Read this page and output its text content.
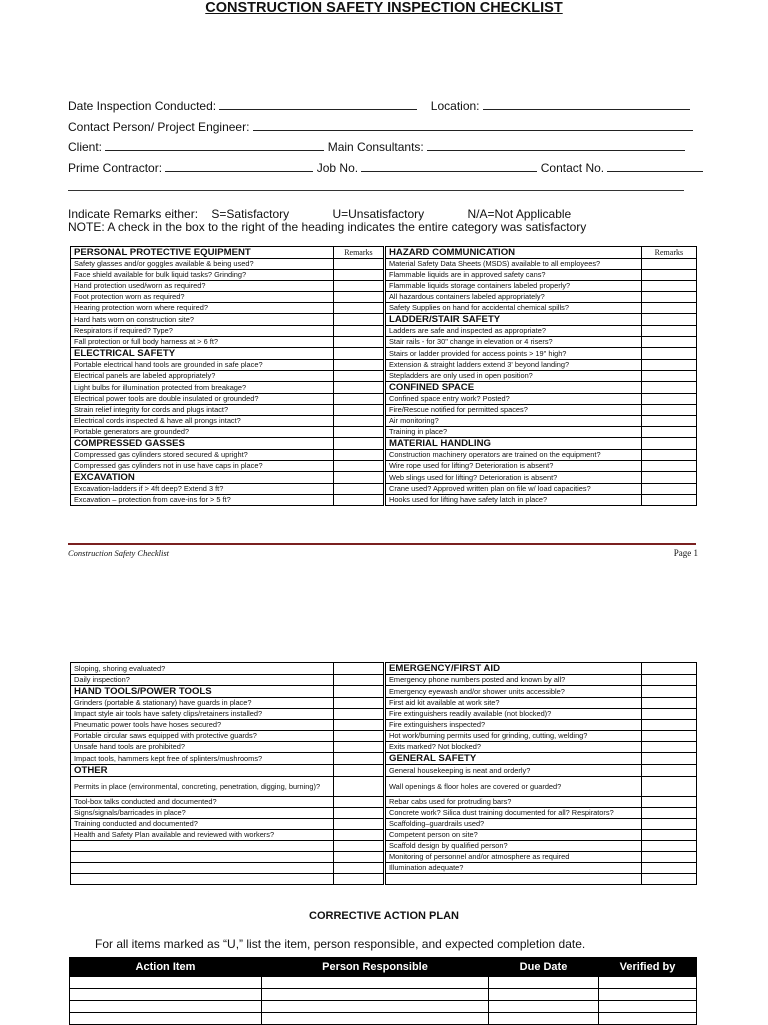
CONSTRUCTION SAFETY INSPECTION CHECKLIST
Date Inspection Conducted:	Location:
Contact Person/ Project Engineer:
Client:	Main Consultants:
Prime Contractor:	Job No.	Contact No.
Indicate Remarks either: S=Satisfactory	U=Unsatisfactory	N/A=Not Applicable
NOTE: A check in the box to the right of the heading indicates the entire category was satisfactory
PERSONAL PROTECTIVE EQUIPMENT	Remarks		HAZARD COMMUNICATION	Remarks
Safety glasses and/or goggles available & being used?			Material Safety Data Sheets (MSDS) available to all employees?	
Face shield available for bulk liquid tasks? Grinding?			Flammable liquids are in approved safety cans?	
Hand protection used/worn as required?			Flammable liquids storage containers labeled properly?	
Foot protection worn as required?			All hazardous containers labeled appropriately?	
Hearing protection worn where required?			Safety Supplies on hand for accidental chemical spills?	
Hard hats worn on construction site?			LADDER/STAIR SAFETY	
Respirators if required? Type?			Ladders are safe and inspected as appropriate?	
Fall protection or full body harness at > 6 ft?			Stair rails - for 30" change in elevation or 4 risers?	
ELECTRICAL SAFETY			Stairs or ladder provided for access points > 19" high?	
Portable electrical hand tools are grounded in safe place?			Extension & straight ladders extend 3' beyond landing?	
Electrical panels are labeled appropriately?			Stepladders are only used in open position?	
Light bulbs for illumination protected from breakage?			CONFINED SPACE	
Electrical power tools are double insulated or grounded?			Confined space entry work? Posted?	
Strain relief integrity for cords and plugs intact?			Fire/Rescue notified for permitted spaces?	
Electrical cords inspected & have all prongs intact?			Air monitoring?	
Portable generators are grounded?			Training in place?	
COMPRESSED GASSES			MATERIAL HANDLING	
Compressed gas cylinders stored secured & upright?			Construction machinery operators are trained on the equipment?	
Compressed gas cylinders not in use have caps in place?			Wire rope used for lifting? Deterioration is absent?	
EXCAVATION			Web slings used for lifting? Deterioration is absent?	
Excavation-ladders if > 4ft deep? Extend 3 ft?			Crane used? Approved written plan on file w/ load capacities?	
Excavation – protection from cave-ins for > 5 ft?			Hooks used for lifting have safety latch in place?	
Construction Safety Checklist	Page 1
Sloping, shoring evaluated?			EMERGENCY/FIRST AID	
Daily inspection?			Emergency phone numbers posted and known by all?	
HAND TOOLS/POWER TOOLS			Emergency eyewash and/or shower units accessible?	
Grinders (portable & stationary) have guards in place?			First aid kit available at work site?	
Impact style air tools have safety clips/retainers installed?			Fire extinguishers readily available (not blocked)?	
Pneumatic power tools have hoses secured?			Fire extinguishers inspected?	
Portable circular saws equipped with protective guards?			Hot work/burning permits used for grinding, cutting, welding?	
Unsafe hand tools are prohibited?			Exits marked? Not blocked?	
Impact tools, hammers kept free of splinters/mushrooms?			GENERAL SAFETY	
OTHER			General housekeeping is neat and orderly?	
Permits in place (environmental, concreting, penetration, digging, burning)?			Wall openings & floor holes are covered or guarded?	
Tool-box talks conducted and documented?			Rebar cabs used for protruding bars?	
Signs/signals/barricades in place?			Concrete work? Silica dust training documented for all? Respirators?	
Training conducted and documented?			Scaffolding–guardrails used?	
Health and Safety Plan available and reviewed with workers?			Competent person on site?	
			Scaffold design by qualified person?	
			Monitoring of personnel and/or atmosphere as required	
			Illumination adequate?	

CORRECTIVE ACTION PLAN
For all items marked as “U,” list the item, person responsible, and expected completion date.
Action Item	Person Responsible	Due Date	Verified by
